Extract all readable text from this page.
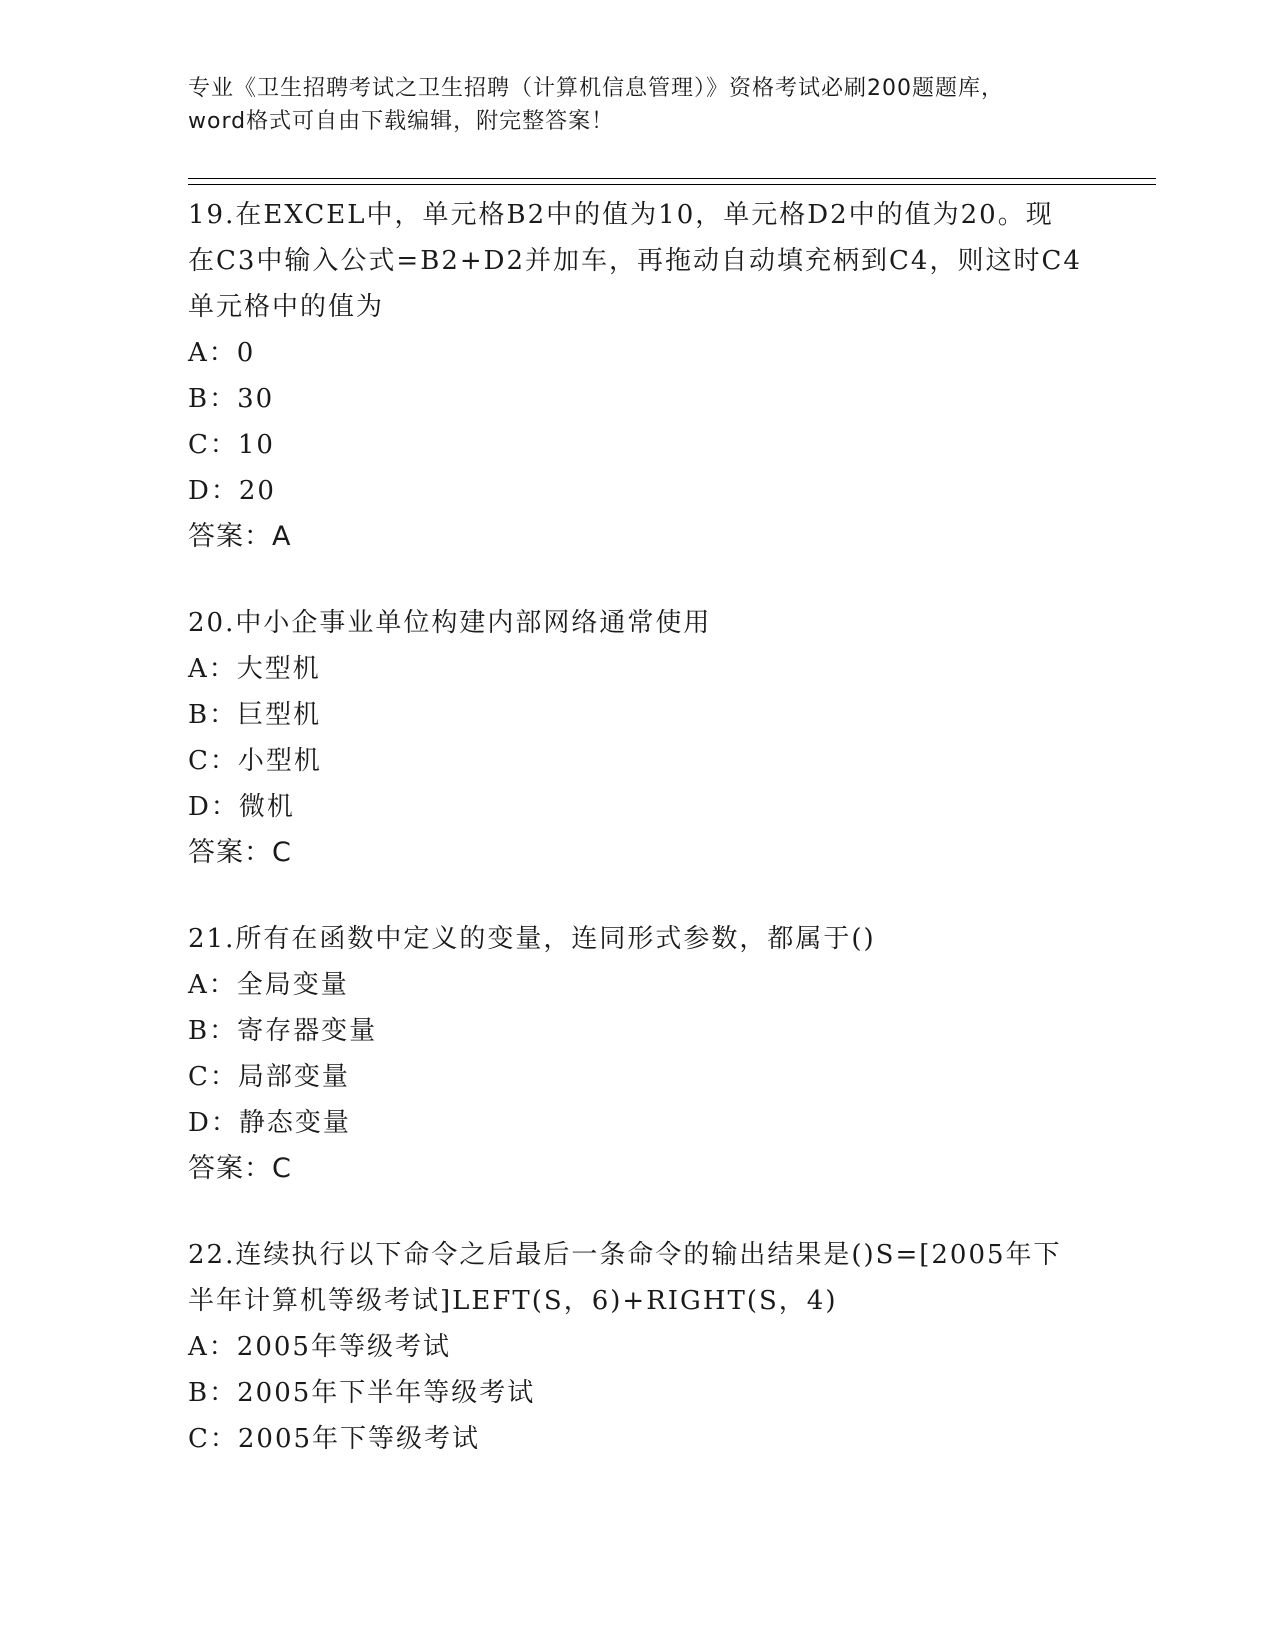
专业《卫生招聘考试之卫生招聘（计算机信息管理）》资格考试必刷200题题库，
word格式可自由下载编辑，附完整答案！
19.在EXCEL中，单元格B2中的值为10，单元格D2中的值为20。现
在C3中输入公式=B2+D2并加车，再拖动自动填充柄到C4，则这时C4
单元格中的值为
A：0
B：30
C：10
D：20
答案：A
20.中小企事业单位构建内部网络通常使用
A：大型机
B：巨型机
C：小型机
D：微机
答案：C
21.所有在函数中定义的变量，连同形式参数，都属于()
A：全局变量
B：寄存器变量
C：局部变量
D：静态变量
答案：C
22.连续执行以下命令之后最后一条命令的输出结果是()S=[2005年下
半年计算机等级考试]LEFT(S，6)+RIGHT(S，4)
A：2005年等级考试
B：2005年下半年等级考试
C：2005年下等级考试
